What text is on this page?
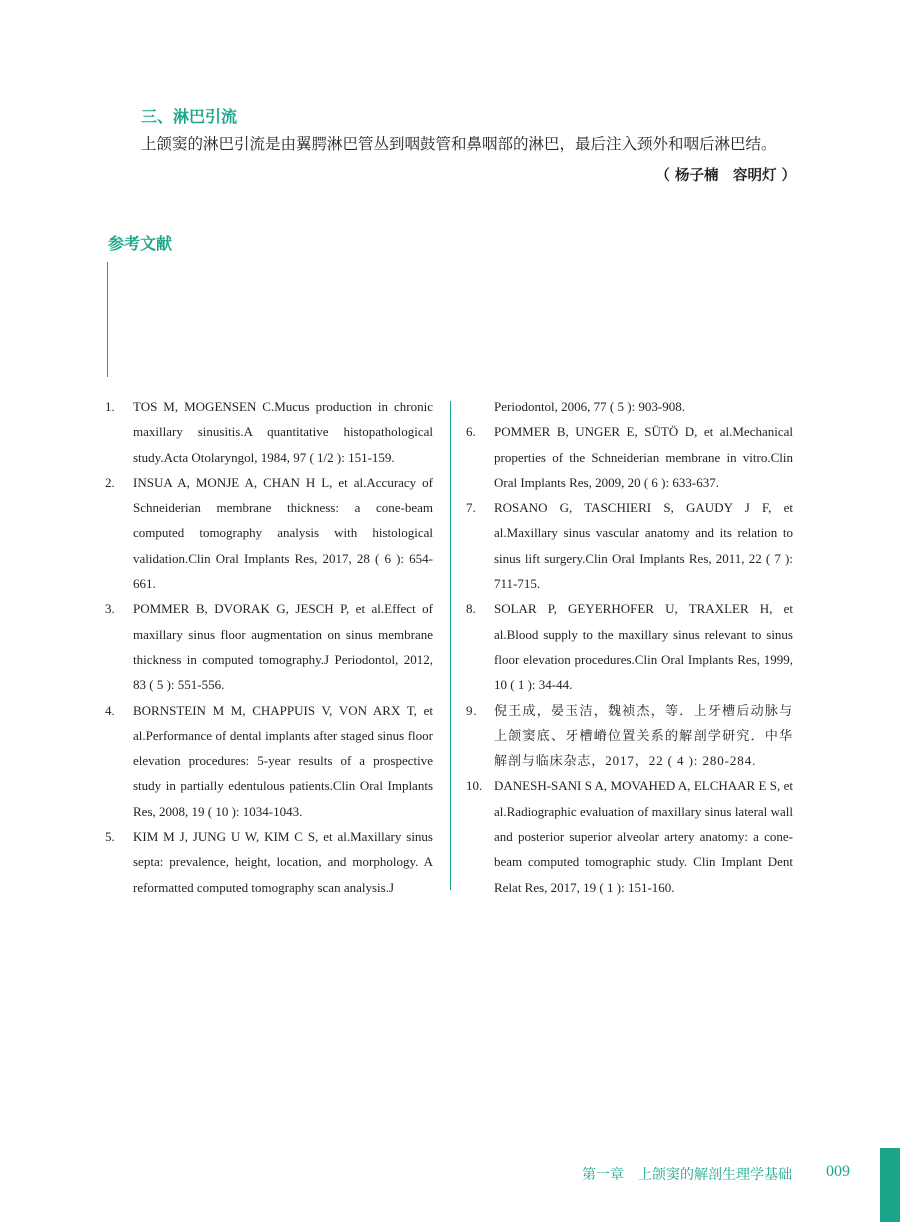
三、淋巴引流
上颌窦的淋巴引流是由翼腭淋巴管丛到咽鼓管和鼻咽部的淋巴，最后注入颈外和咽后淋巴结。
（ 杨子楠　容明灯 ）
参考文献
1. TOS M, MOGENSEN C.Mucus production in chronic maxillary sinusitis.A quantitative histopathological study.Acta Otolaryngol, 1984, 97 ( 1/2 ): 151-159.
2. INSUA A, MONJE A, CHAN H L, et al.Accuracy of Schneiderian membrane thickness: a cone-beam computed tomography analysis with histological validation.Clin Oral Implants Res, 2017, 28 ( 6 ): 654-661.
3. POMMER B, DVORAK G, JESCH P, et al.Effect of maxillary sinus floor augmentation on sinus membrane thickness in computed tomography.J Periodontol, 2012, 83 ( 5 ): 551-556.
4. BORNSTEIN M M, CHAPPUIS V, VON ARX T, et al.Performance of dental implants after staged sinus floor elevation procedures: 5-year results of a prospective study in partially edentulous patients.Clin Oral Implants Res, 2008, 19 ( 10 ): 1034-1043.
5. KIM M J, JUNG U W, KIM C S, et al.Maxillary sinus septa: prevalence, height, location, and morphology. A reformatted computed tomography scan analysis.J
Periodontol, 2006, 77 ( 5 ): 903-908.
6. POMMER B, UNGER E, SÜTÖ D, et al.Mechanical properties of the Schneiderian membrane in vitro.Clin Oral Implants Res, 2009, 20 ( 6 ): 633-637.
7. ROSANO G, TASCHIERI S, GAUDY J F, et al.Maxillary sinus vascular anatomy and its relation to sinus lift surgery.Clin Oral Implants Res, 2011, 22 ( 7 ): 711-715.
8. SOLAR P, GEYERHOFER U, TRAXLER H, et al.Blood supply to the maxillary sinus relevant to sinus floor elevation procedures.Clin Oral Implants Res, 1999, 10 ( 1 ): 34-44.
9. 倪王成，晏玉洁，魏祯杰，等．上牙槽后动脉与上颌窦底、牙槽嵴位置关系的解剖学研究．中华解剖与临床杂志，2017，22 ( 4 ): 280-284.
10. DANESH-SANI S A, MOVAHED A, ELCHAAR E S, et al.Radiographic evaluation of maxillary sinus lateral wall and posterior superior alveolar artery anatomy: a cone-beam computed tomographic study. Clin Implant Dent Relat Res, 2017, 19 ( 1 ): 151-160.
第一章　上颌窦的解剖生理学基础 009
